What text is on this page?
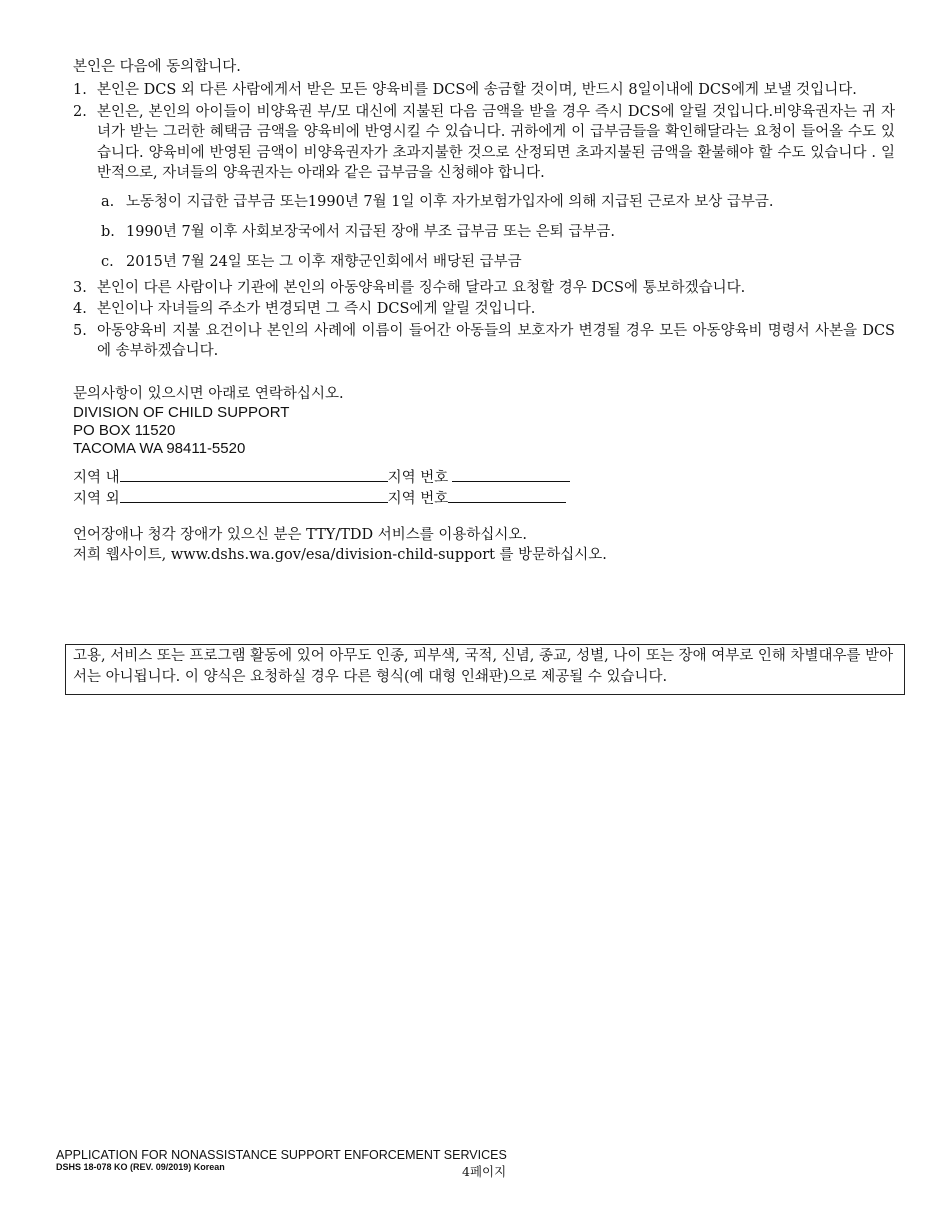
본인은 다음에 동의합니다.
1. 본인은 DCS 외 다른 사람에게서 받은 모든 양육비를 DCS에 송금할 것이며, 반드시 8일이내에 DCS에게 보낼 것입니다.
2. 본인은, 본인의 아이들이 비양육권 부/모 대신에 지불된 다음 금액을 받을 경우 즉시 DCS에 알릴 것입니다.비양육권자는 귀 자녀가 받는 그러한 혜택금 금액을 양육비에 반영시킬 수 있습니다. 귀하에게 이 급부금들을 확인해달라는 요청이 들어올 수도 있습니다. 양육비에 반영된 금액이 비양육권자가 초과지불한 것으로 산정되면 초과지불된 금액을 환불해야 할 수도 있습니다 . 일반적으로, 자녀들의 양육권자는 아래와 같은 급부금을 신청해야 합니다.
a. 노동청이 지급한 급부금 또는1990년 7월 1일 이후 자가보험가입자에 의해 지급된 근로자 보상 급부금.
b. 1990년 7월 이후 사회보장국에서 지급된 장애 부조 급부금 또는 은퇴 급부금.
c. 2015년 7월 24일 또는 그 이후 재향군인회에서 배당된 급부금
3. 본인이 다른 사람이나 기관에 본인의 아동양육비를 징수해 달라고 요청할 경우 DCS에 통보하겠습니다.
4. 본인이나 자녀들의 주소가 변경되면 그 즉시 DCS에게 알릴 것입니다.
5. 아동양육비 지불 요건이나 본인의 사례에 이름이 들어간 아동들의 보호자가 변경될 경우 모든 아동양육비 명령서 사본을 DCS에 송부하겠습니다.
문의사항이 있으시면 아래로 연락하십시오.
DIVISION OF CHILD SUPPORT
PO BOX 11520
TACOMA WA 98411-5520
지역 내	지역 번호
지역 외	지역 번호
언어장애나 청각 장애가 있으신 분은 TTY/TDD 서비스를 이용하십시오.
저희 웹사이트, www.dshs.wa.gov/esa/division-child-support 를 방문하십시오.
고용, 서비스 또는 프로그램 활동에 있어 아무도 인종, 피부색, 국적, 신념, 종교, 성별, 나이 또는 장애 여부로 인해 차별대우를 받아서는 아니됩니다. 이 양식은 요청하실 경우 다른 형식(예 대형 인쇄판)으로 제공될 수 있습니다.
APPLICATION FOR NONASSISTANCE SUPPORT ENFORCEMENT SERVICES
DSHS 18-078 KO (REV. 09/2019) Korean	4페이지
